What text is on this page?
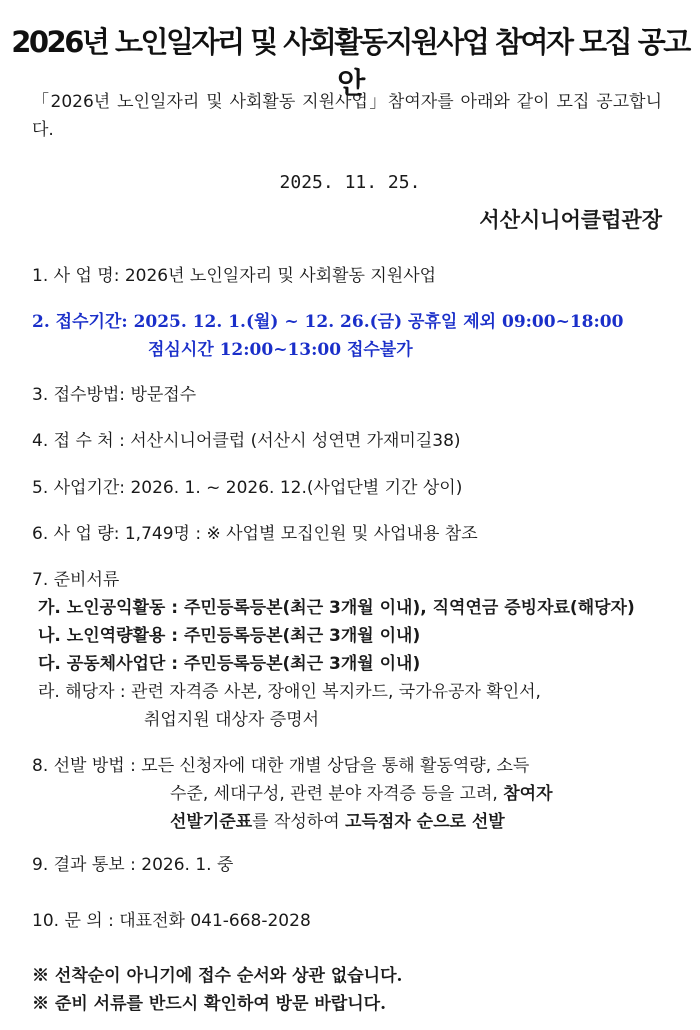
2026년 노인일자리 및 사회활동지원사업 참여자 모집 공고안
「2026년 노인일자리 및 사회활동 지원사업」참여자를 아래와 같이 모집 공고합니다.
2025. 11. 25.
서산시니어클럽관장
1. 사 업 명: 2026년 노인일자리 및 사회활동 지원사업
2. 접수기간: 2025. 12. 1.(월) ~ 12. 26.(금) 공휴일 제외 09:00~18:00
점심시간 12:00~13:00 접수불가
3. 접수방법: 방문접수
4. 접 수 처 : 서산시니어클럽 (서산시 성연면 가재미길38)
5. 사업기간: 2026. 1. ~ 2026. 12.(사업단별 기간 상이)
6. 사 업 량: 1,749명 : ※ 사업별 모집인원 및 사업내용 참조
7. 준비서류
가. 노인공익활동 : 주민등록등본(최근 3개월 이내), 직역연금 증빙자료(해당자)
나. 노인역량활용 : 주민등록등본(최근 3개월 이내)
다. 공동체사업단 : 주민등록등본(최근 3개월 이내)
라. 해당자 : 관련 자격증 사본, 장애인 복지카드, 국가유공자 확인서,
취업지원 대상자 증명서
8. 선발 방법 : 모든 신청자에 대한 개별 상담을 통해 활동역량, 소득
수준, 세대구성, 관련 분야 자격증 등을 고려, 참여자
선발기준표를 작성하여 고득점자 순으로 선발
9. 결과 통보 : 2026. 1. 중
10. 문 의 : 대표전화 041-668-2028
※ 선착순이 아니기에 접수 순서와 상관 없습니다.
※ 준비 서류를 반드시 확인하여 방문 바랍니다.
